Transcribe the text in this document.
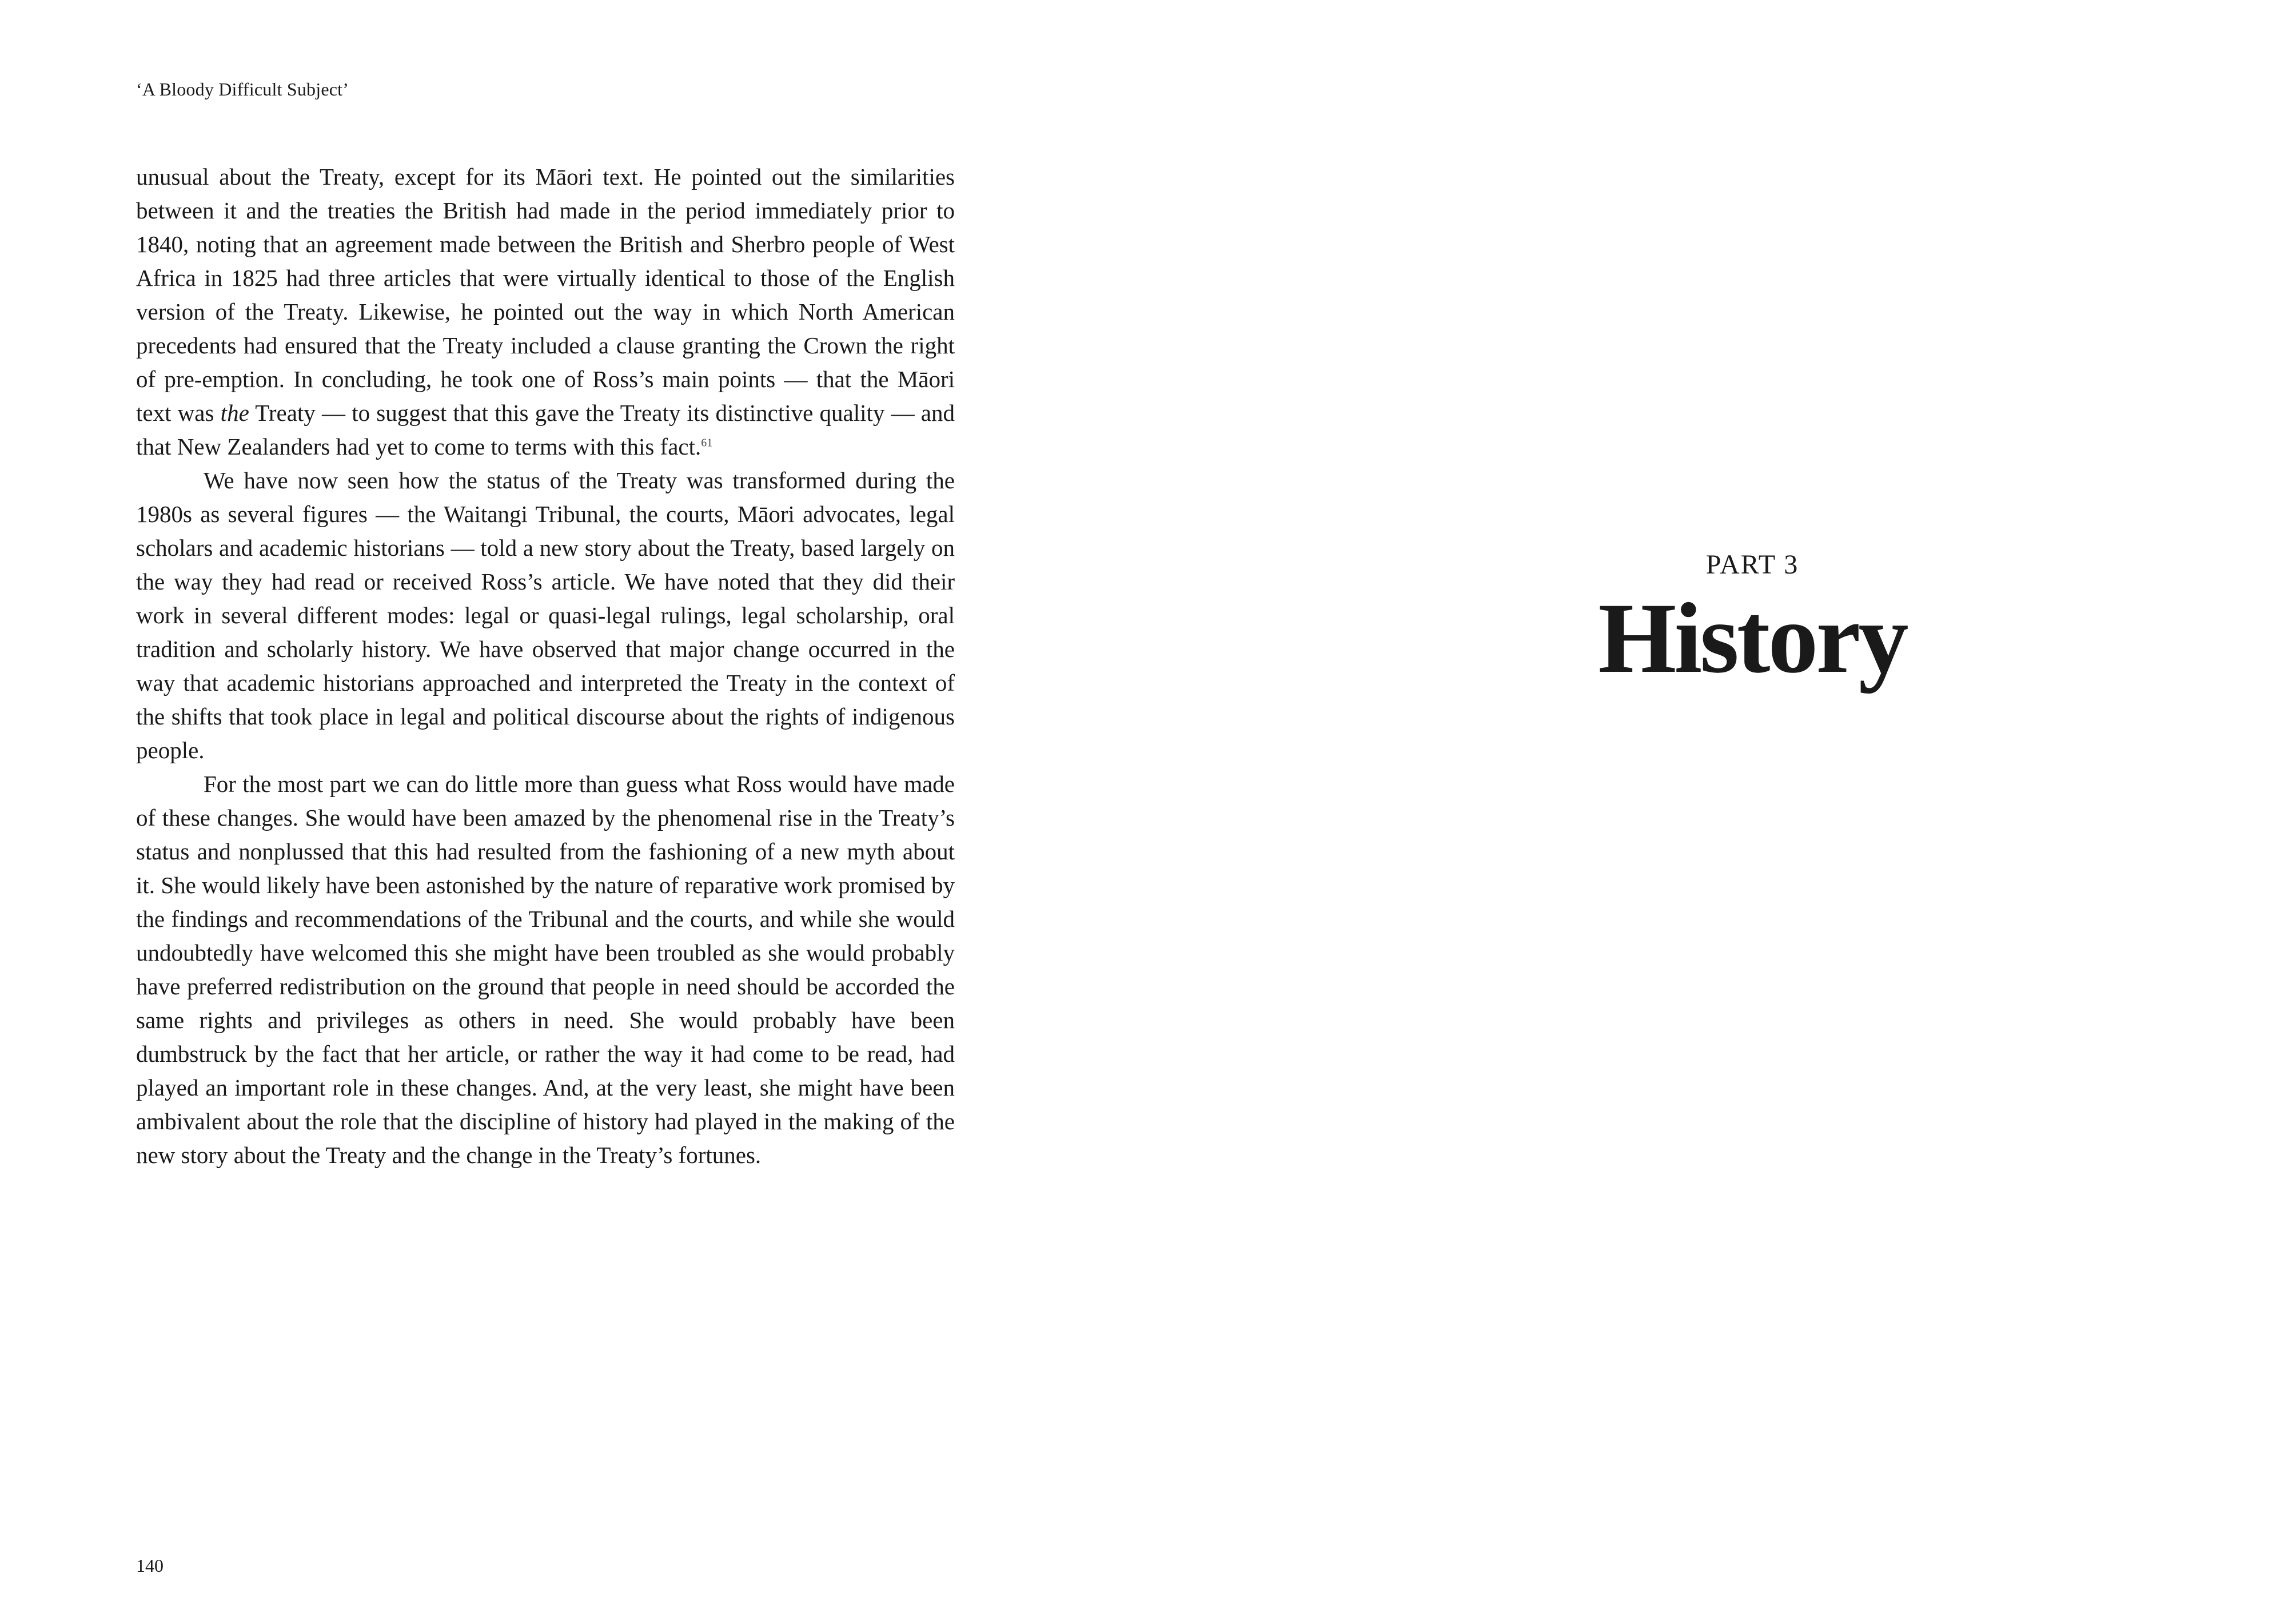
‘A Bloody Difficult Subject’

unusual about the Treaty, except for its Māori text. He pointed out the similarities between it and the treaties the British had made in the period immediately prior to 1840, noting that an agreement made between the British and Sherbro people of West Africa in 1825 had three articles that were virtually identical to those of the English version of the Treaty. Likewise, he pointed out the way in which North American precedents had ensured that the Treaty included a clause granting the Crown the right of pre-emption. In concluding, he took one of Ross’s main points — that the Māori text was the Treaty — to suggest that this gave the Treaty its distinctive quality — and that New Zealanders had yet to come to terms with this fact.$^{61}$

We have now seen how the status of the Treaty was transformed during the 1980s as several figures — the Waitangi Tribunal, the courts, Māori advocates, legal scholars and academic historians — told a new story about the Treaty, based largely on the way they had read or received Ross’s article. We have noted that they did their work in several different modes: legal or quasi-legal rulings, legal scholarship, oral tradition and scholarly history. We have observed that major change occurred in the way that academic historians approached and interpreted the Treaty in the context of the shifts that took place in legal and political discourse about the rights of indigenous people.

For the most part we can do little more than guess what Ross would have made of these changes. She would have been amazed by the phenomenal rise in the Treaty’s status and nonplussed that this had resulted from the fashioning of a new myth about it. She would likely have been astonished by the nature of reparative work promised by the findings and recommendations of the Tribunal and the courts, and while she would undoubtedly have welcomed this she might have been troubled as she would probably have preferred redistribution on the ground that people in need should be accorded the same rights and privileges as others in need. She would probably have been dumbstruck by the fact that her article, or rather the way it had come to be read, had played an important role in these changes. And, at the very least, she might have been ambivalent about the role that the discipline of history had played in the making of the new story about the Treaty and the change in the Treaty’s fortunes.

140
PART 3
History
